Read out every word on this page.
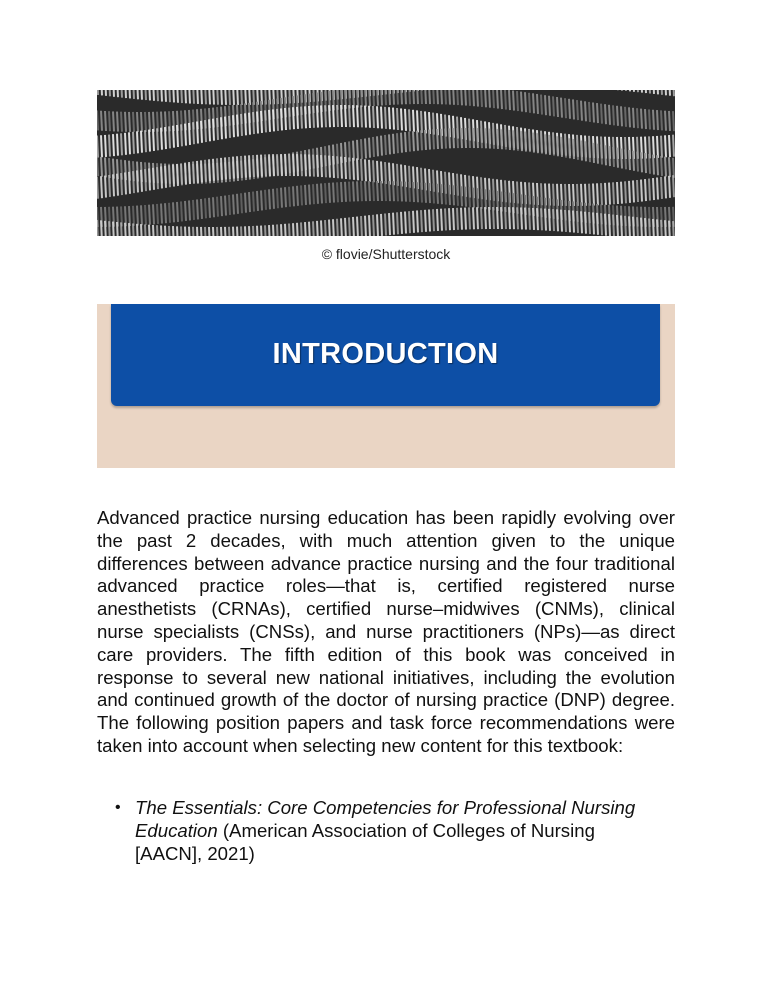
© flovie/Shutterstock
INTRODUCTION

Advanced practice nursing education has been rapidly evolving over the past 2 decades, with much attention given to the unique differences between advance practice nursing and the four traditional advanced practice roles—that is, certified registered nurse anesthetists (CRNAs), certified nurse–midwives (CNMs), clinical nurse specialists (CNSs), and nurse practitioners (NPs)—as direct care providers. The fifth edition of this book was conceived in response to several new national initiatives, including the evolution and continued growth of the doctor of nursing practice (DNP) degree. The following position papers and task force recommendations were taken into account when selecting new content for this textbook:

• The Essentials: Core Competencies for Professional Nursing Education (American Association of Colleges of Nursing [AACN], 2021)
